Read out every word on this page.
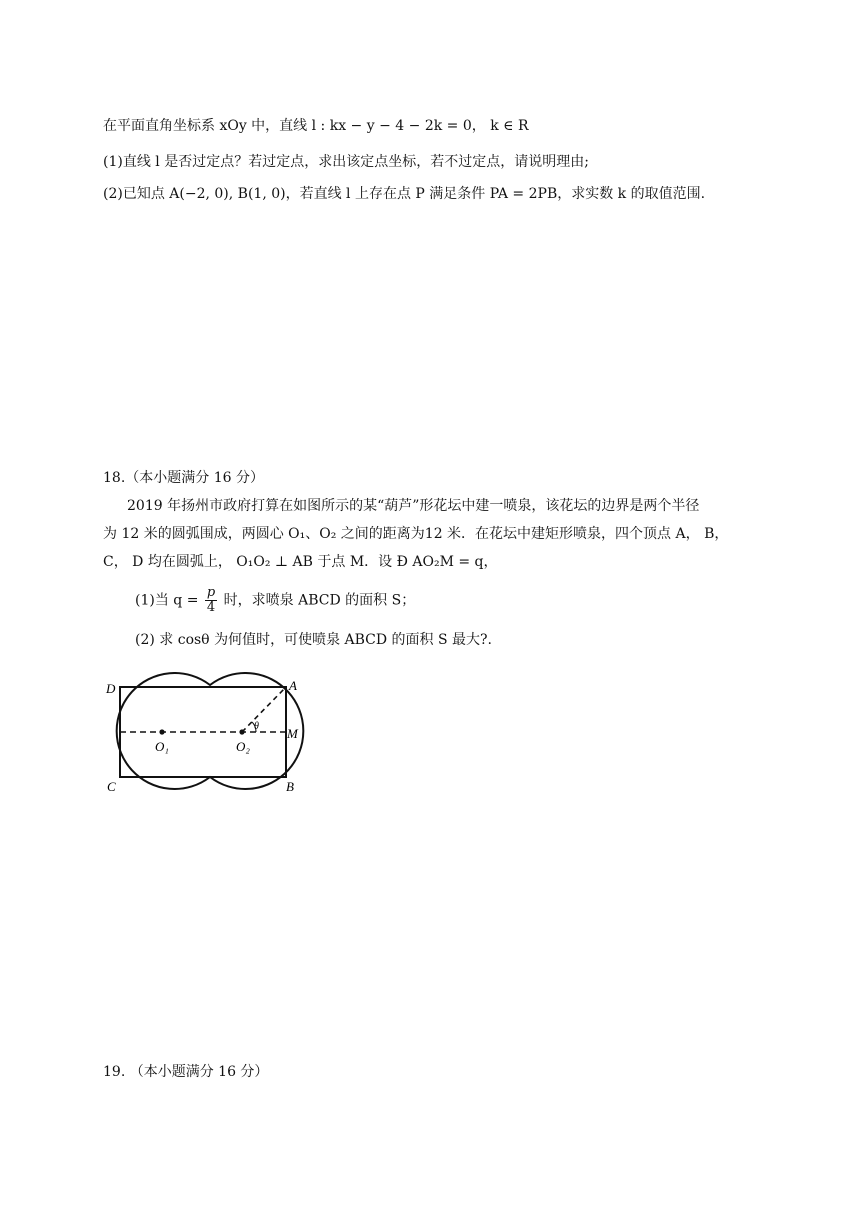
在平面直角坐标系 xOy 中，直线 l : kx − y − 4 − 2k = 0， k ∈ R
(1)直线 l 是否过定点？若过定点，求出该定点坐标，若不过定点，请说明理由;
(2)已知点 A(−2, 0), B(1, 0)，若直线 l 上存在点 P 满足条件 PA = 2PB，求实数 k 的取值范围.
18.（本小题满分 16 分）
2019 年扬州市政府打算在如图所示的某“葫芦”形花坛中建一喷泉，该花坛的边界是两个半径
为 12 米的圆弧围成，两圆心 O₁、O₂ 之间的距离为12 米．在花坛中建矩形喷泉，四个顶点 A， B，
C， D 均在圆弧上， O₁O₂ ⊥ AB 于点 M．设 Ð AO₂M = q，
(1)当 $q = \frac{p}{4}$ 时，求喷泉 ABCD 的面积 S；
(2) 求 cosθ 为何值时，可使喷泉 ABCD 的面积 S 最大?.
D	A
C	B
O₁	O₂
M
θ
19. （本小题满分 16 分）
